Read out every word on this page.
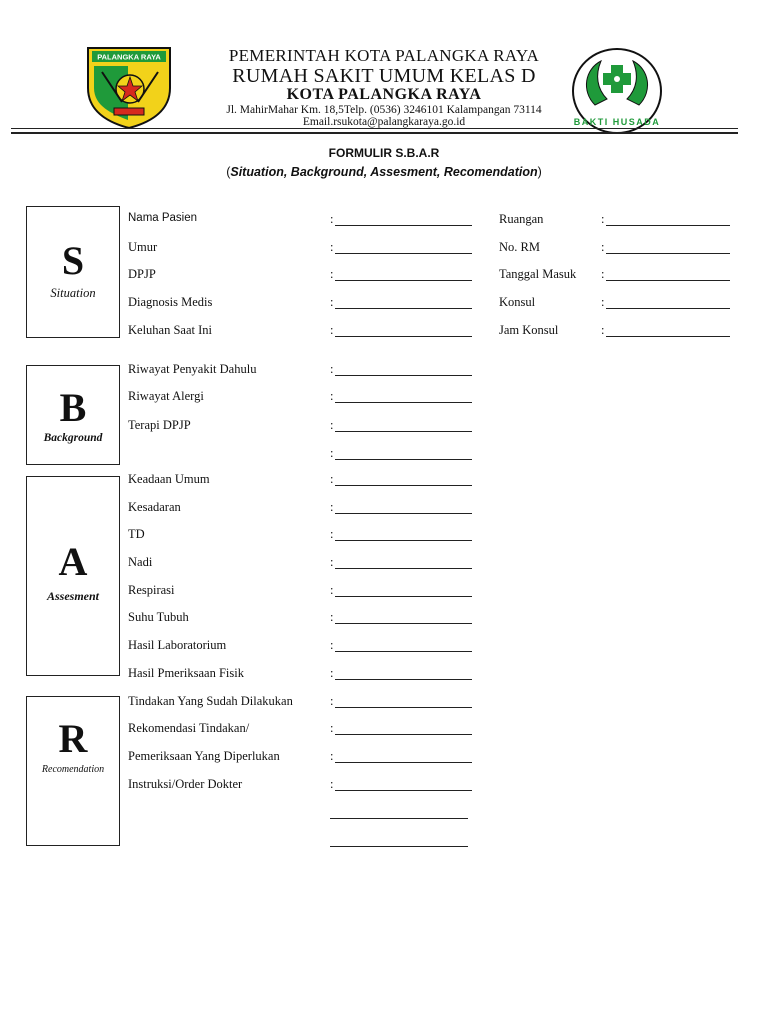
PALANGKA RAYA
BAKTI HUSADA
PEMERINTAH KOTA PALANGKA RAYA
RUMAH SAKIT UMUM KELAS D
KOTA PALANGKA RAYA
Jl. MahirMahar Km. 18,5Telp. (0536) 3246101 Kalampangan 73114
Email.rsukota@palangkaraya.go.id
FORMULIR S.B.A.R
(Situation, Background, Assesment, Recomendation)
S
Situation
B
Background
A
Assesment
R
Recomendation
Nama Pasien	:	Ruangan	:
Umur	:	No. RM	:
DPJP	:	Tanggal Masuk :
Diagnosis Medis	:	Konsul	:
Keluhan Saat Ini	:	Jam Konsul	:
Riwayat Penyakit Dahulu	:
Riwayat Alergi	:
Terapi DPJP	:
:
Keadaan Umum	:
Kesadaran	:
TD	:
Nadi	:
Respirasi	:
Suhu Tubuh	:
Hasil Laboratorium	:
Hasil Pmeriksaan Fisik	:
Tindakan Yang Sudah Dilakukan	:
Rekomendasi Tindakan/	:
Pemeriksaan Yang Diperlukan	:
Instruksi/Order Dokter	:
